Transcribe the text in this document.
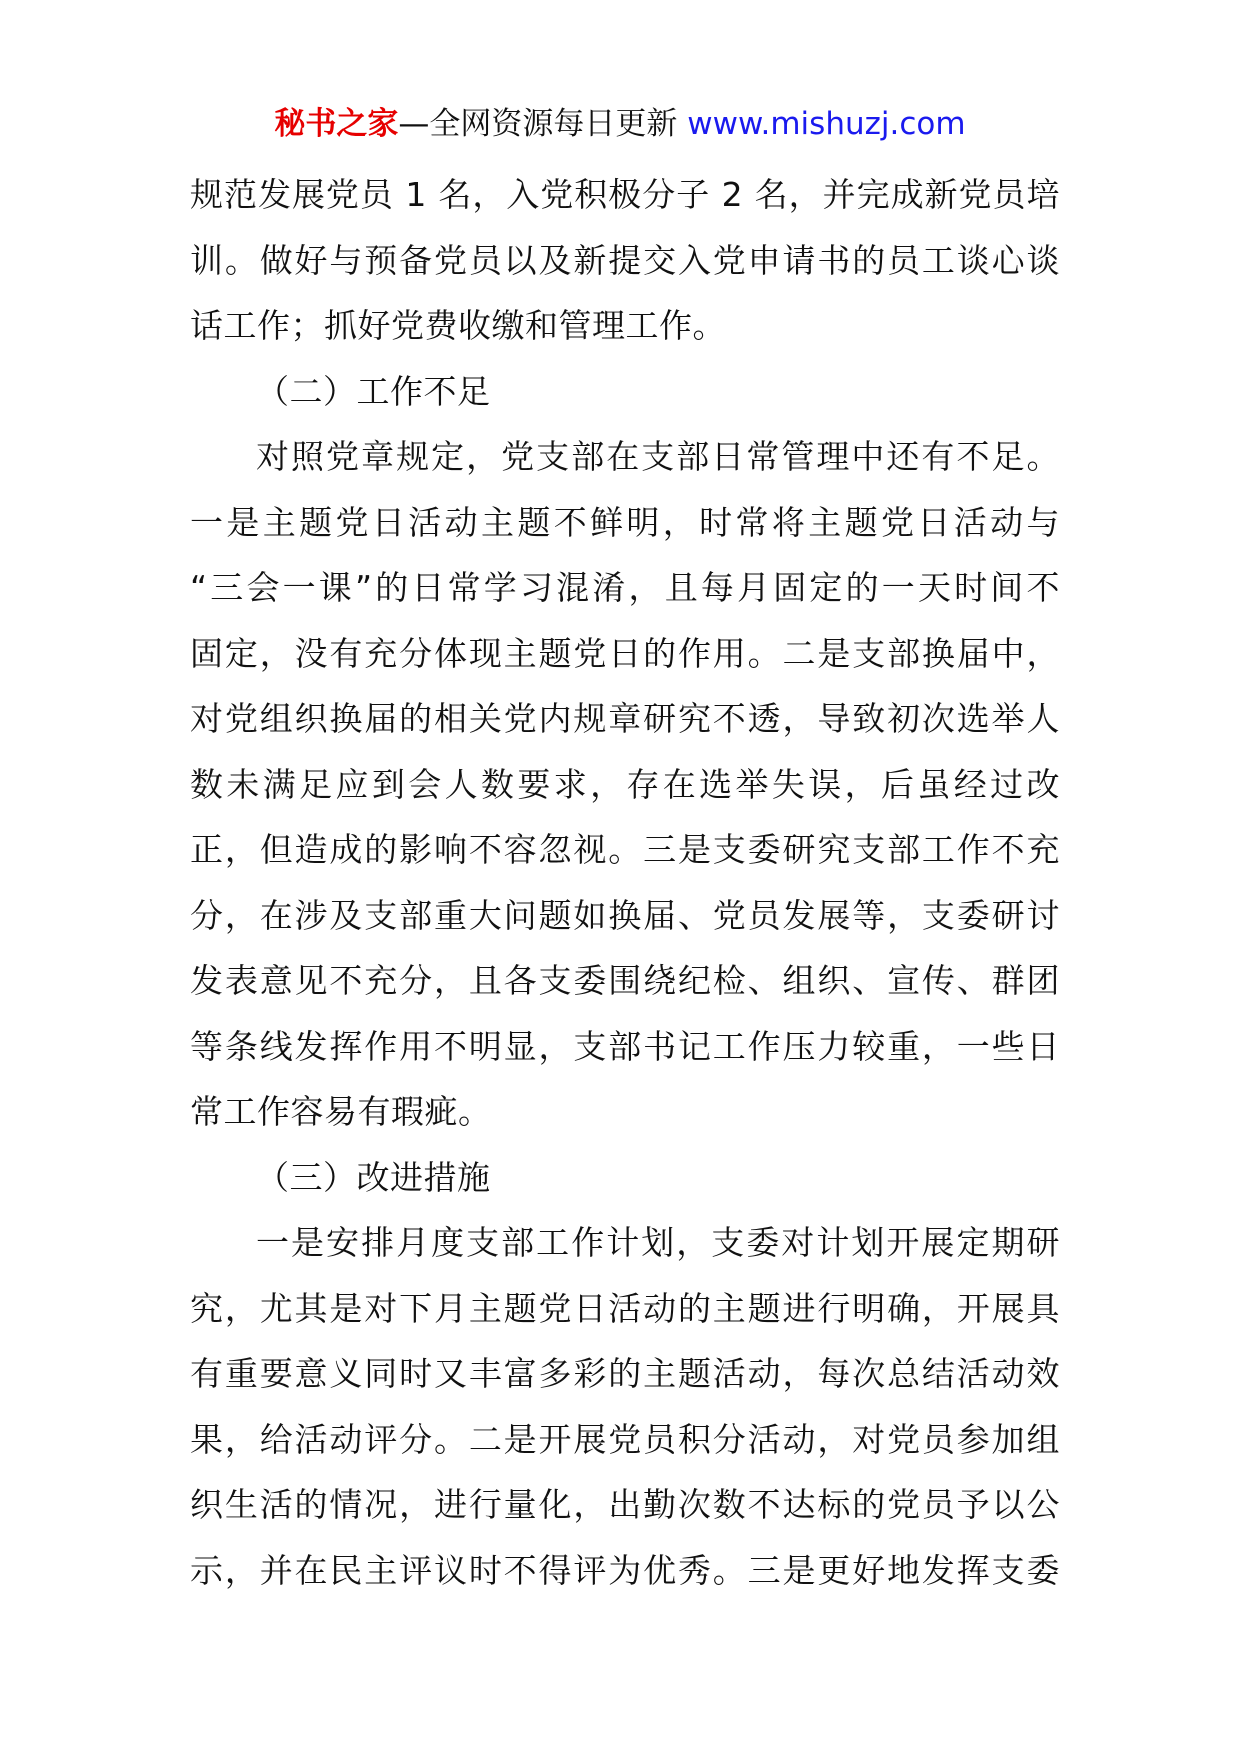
秘书之家—全网资源每日更新 www.mishuzj.com
规范发展党员 1 名，入党积极分子 2 名，并完成新党员培
训。做好与预备党员以及新提交入党申请书的员工谈心谈
话工作；抓好党费收缴和管理工作。
（二）工作不足
对照党章规定，党支部在支部日常管理中还有不足。
一是主题党日活动主题不鲜明，时常将主题党日活动与
“三会一课”的日常学习混淆，且每月固定的一天时间不
固定，没有充分体现主题党日的作用。二是支部换届中，
对党组织换届的相关党内规章研究不透，导致初次选举人
数未满足应到会人数要求，存在选举失误，后虽经过改
正，但造成的影响不容忽视。三是支委研究支部工作不充
分，在涉及支部重大问题如换届、党员发展等，支委研讨
发表意见不充分，且各支委围绕纪检、组织、宣传、群团
等条线发挥作用不明显，支部书记工作压力较重，一些日
常工作容易有瑕疵。
（三）改进措施
一是安排月度支部工作计划，支委对计划开展定期研
究，尤其是对下月主题党日活动的主题进行明确，开展具
有重要意义同时又丰富多彩的主题活动，每次总结活动效
果，给活动评分。二是开展党员积分活动，对党员参加组
织生活的情况，进行量化，出勤次数不达标的党员予以公
示，并在民主评议时不得评为优秀。三是更好地发挥支委
